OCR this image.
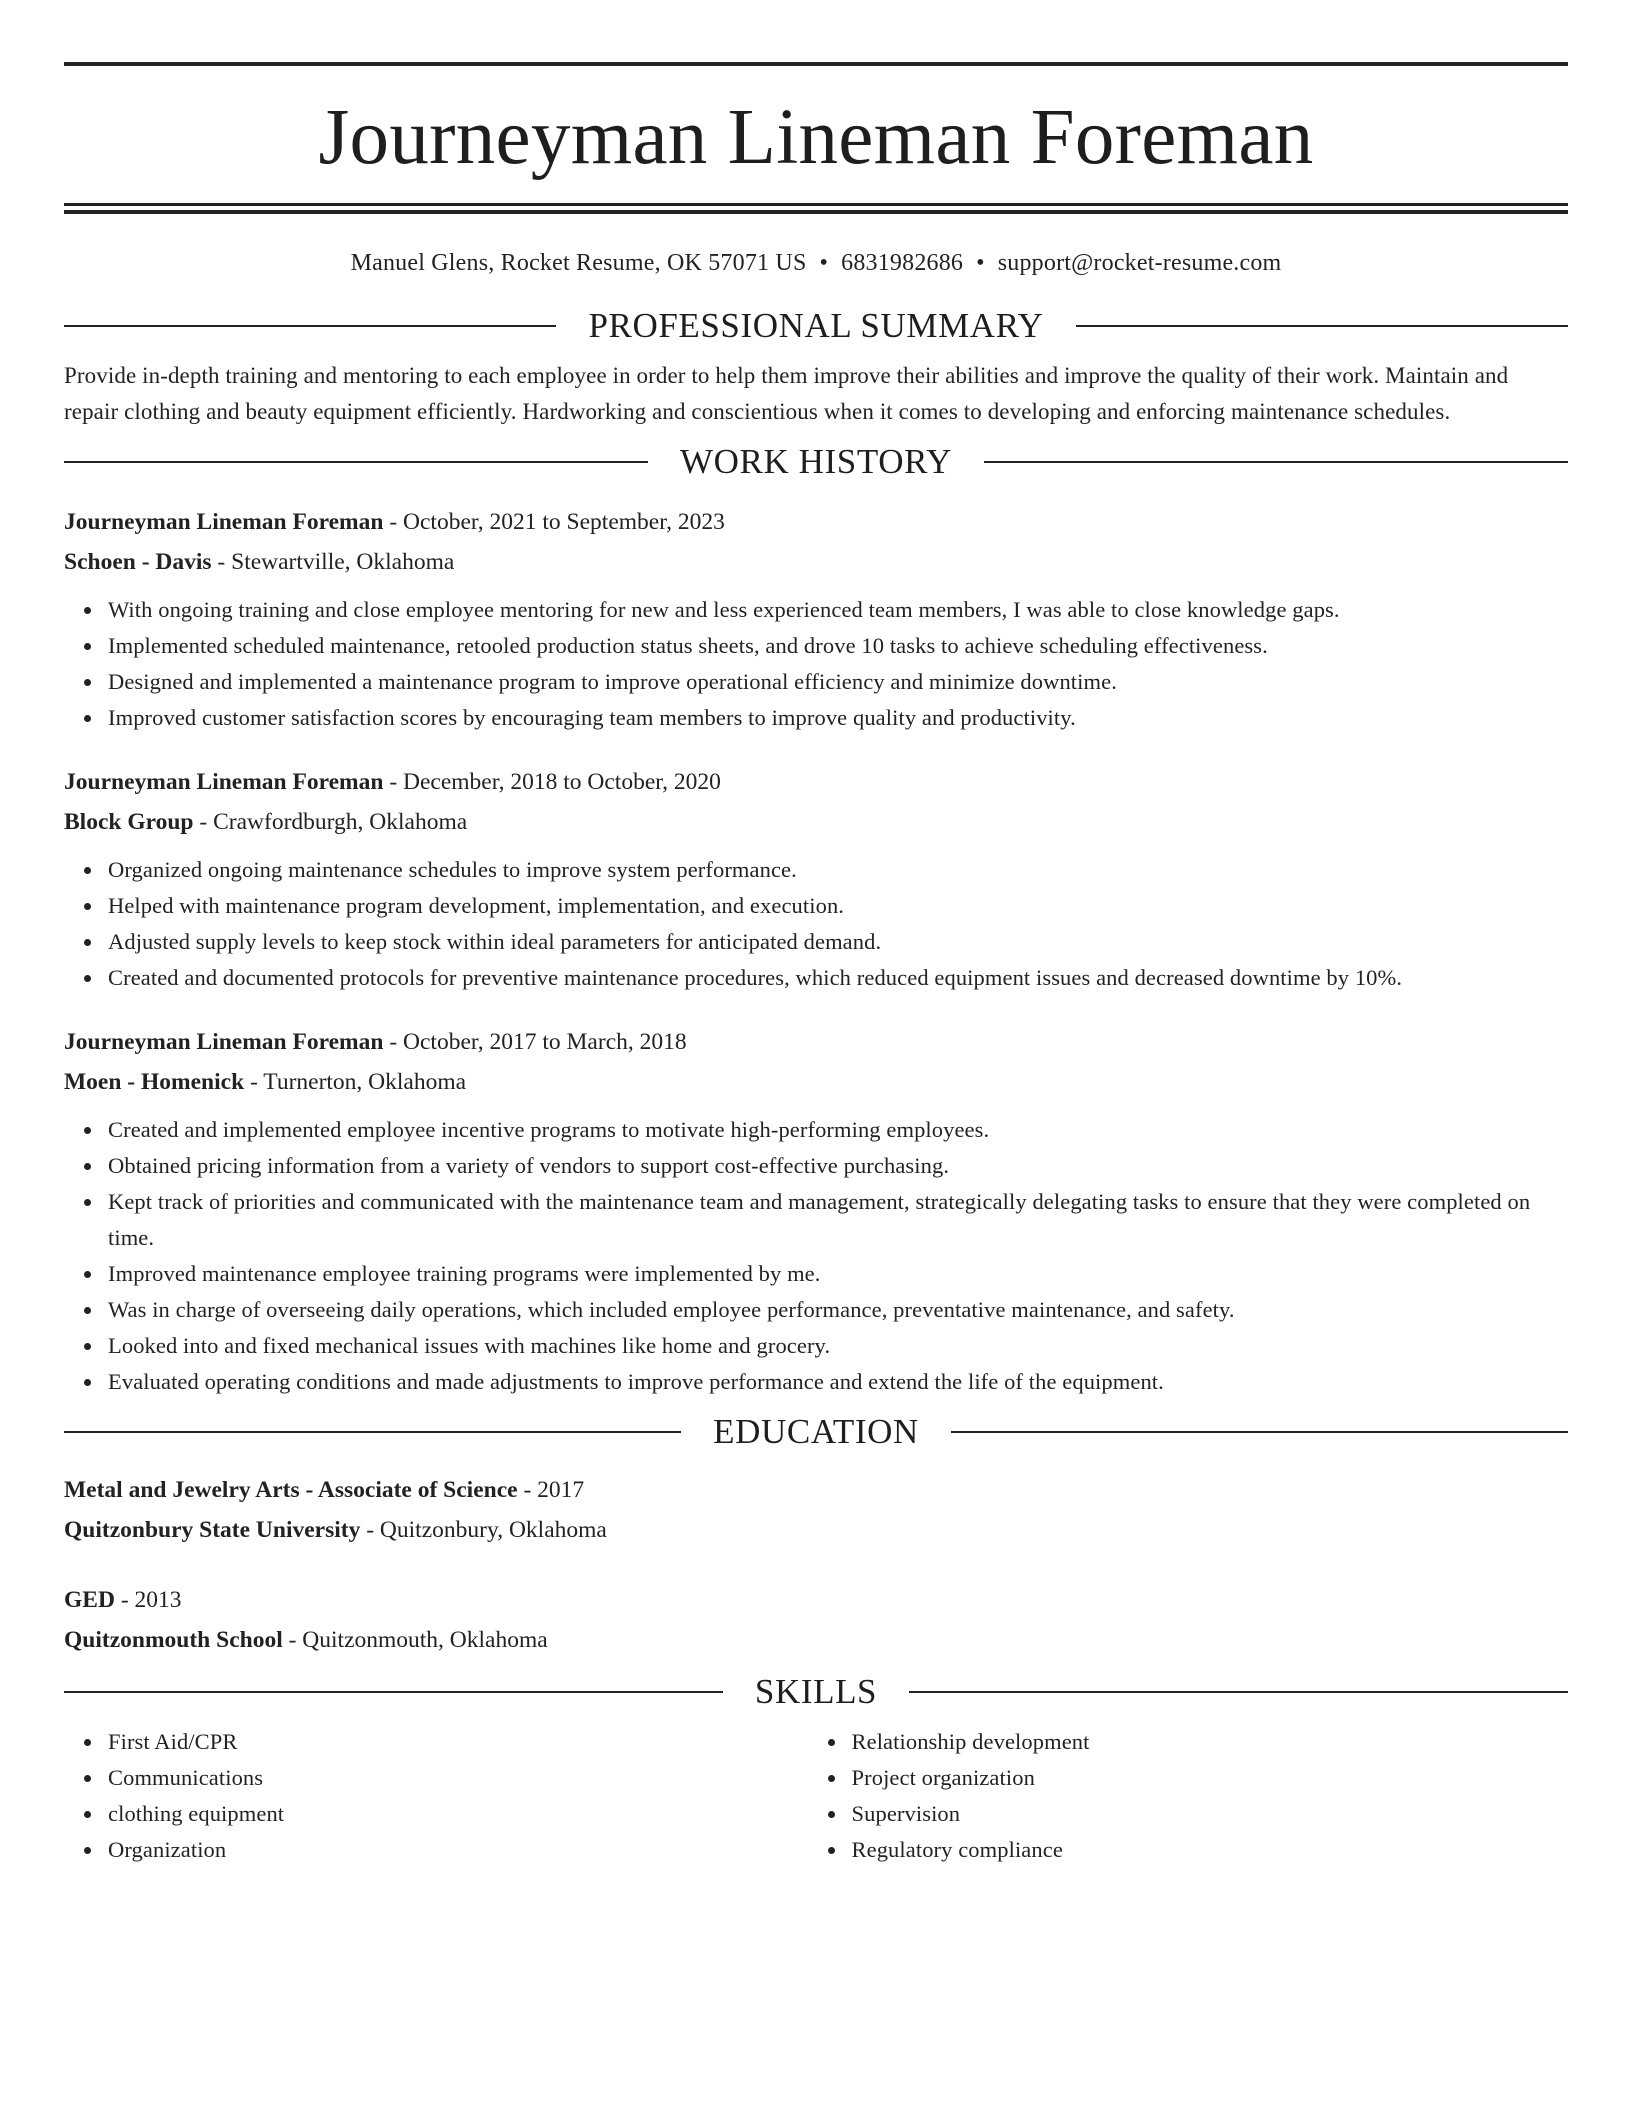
Journeyman Lineman Foreman
Manuel Glens, Rocket Resume, OK 57071 US • 6831982686 • support@rocket-resume.com
PROFESSIONAL SUMMARY
Provide in-depth training and mentoring to each employee in order to help them improve their abilities and improve the quality of their work. Maintain and repair clothing and beauty equipment efficiently. Hardworking and conscientious when it comes to developing and enforcing maintenance schedules.
WORK HISTORY
Journeyman Lineman Foreman - October, 2021 to September, 2023
Schoen - Davis - Stewartville, Oklahoma
With ongoing training and close employee mentoring for new and less experienced team members, I was able to close knowledge gaps.
Implemented scheduled maintenance, retooled production status sheets, and drove 10 tasks to achieve scheduling effectiveness.
Designed and implemented a maintenance program to improve operational efficiency and minimize downtime.
Improved customer satisfaction scores by encouraging team members to improve quality and productivity.
Journeyman Lineman Foreman - December, 2018 to October, 2020
Block Group - Crawfordburgh, Oklahoma
Organized ongoing maintenance schedules to improve system performance.
Helped with maintenance program development, implementation, and execution.
Adjusted supply levels to keep stock within ideal parameters for anticipated demand.
Created and documented protocols for preventive maintenance procedures, which reduced equipment issues and decreased downtime by 10%.
Journeyman Lineman Foreman - October, 2017 to March, 2018
Moen - Homenick - Turnerton, Oklahoma
Created and implemented employee incentive programs to motivate high-performing employees.
Obtained pricing information from a variety of vendors to support cost-effective purchasing.
Kept track of priorities and communicated with the maintenance team and management, strategically delegating tasks to ensure that they were completed on time.
Improved maintenance employee training programs were implemented by me.
Was in charge of overseeing daily operations, which included employee performance, preventative maintenance, and safety.
Looked into and fixed mechanical issues with machines like home and grocery.
Evaluated operating conditions and made adjustments to improve performance and extend the life of the equipment.
EDUCATION
Metal and Jewelry Arts - Associate of Science - 2017
Quitzonbury State University - Quitzonbury, Oklahoma
GED - 2013
Quitzonmouth School - Quitzonmouth, Oklahoma
SKILLS
First Aid/CPR
Communications
clothing equipment
Organization
Relationship development
Project organization
Supervision
Regulatory compliance
